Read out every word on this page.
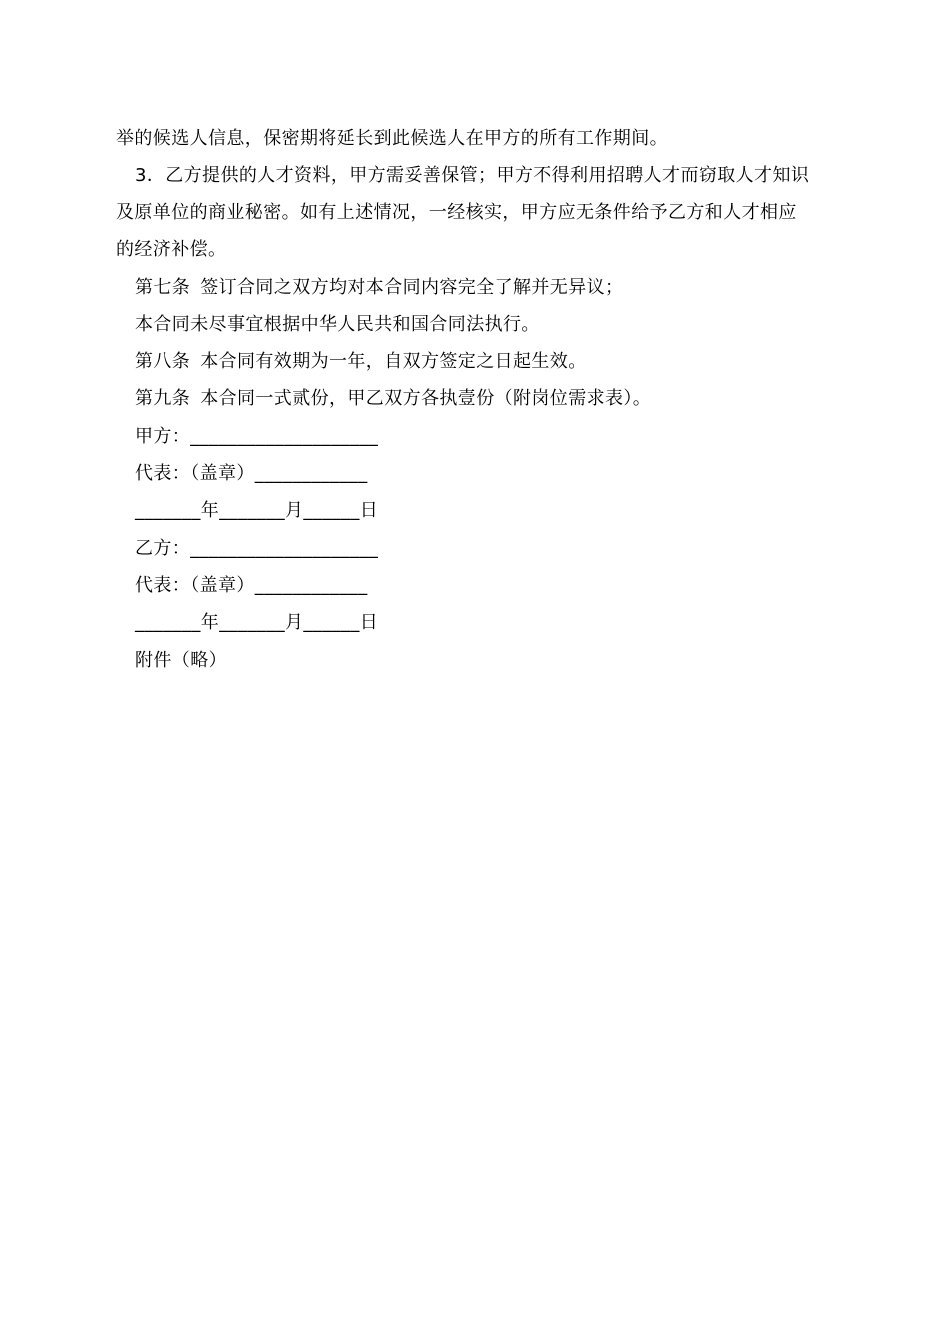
举的候选人信息，保密期将延长到此候选人在甲方的所有工作期间。
3．乙方提供的人才资料，甲方需妥善保管；甲方不得利用招聘人才而窃取人才知识
及原单位的商业秘密。如有上述情况，一经核实，甲方应无条件给予乙方和人才相应
的经济补偿。
第七条 签订合同之双方均对本合同内容完全了解并无异议；
本合同未尽事宜根据中华人民共和国合同法执行。
第八条 本合同有效期为一年，自双方签定之日起生效。
第九条 本合同一式贰份，甲乙双方各执壹份（附岗位需求表）。
甲方：____________________
代表：（盖章）____________
_______年_______月______日
乙方：____________________
代表：（盖章）____________
_______年_______月______日
附件（略）
